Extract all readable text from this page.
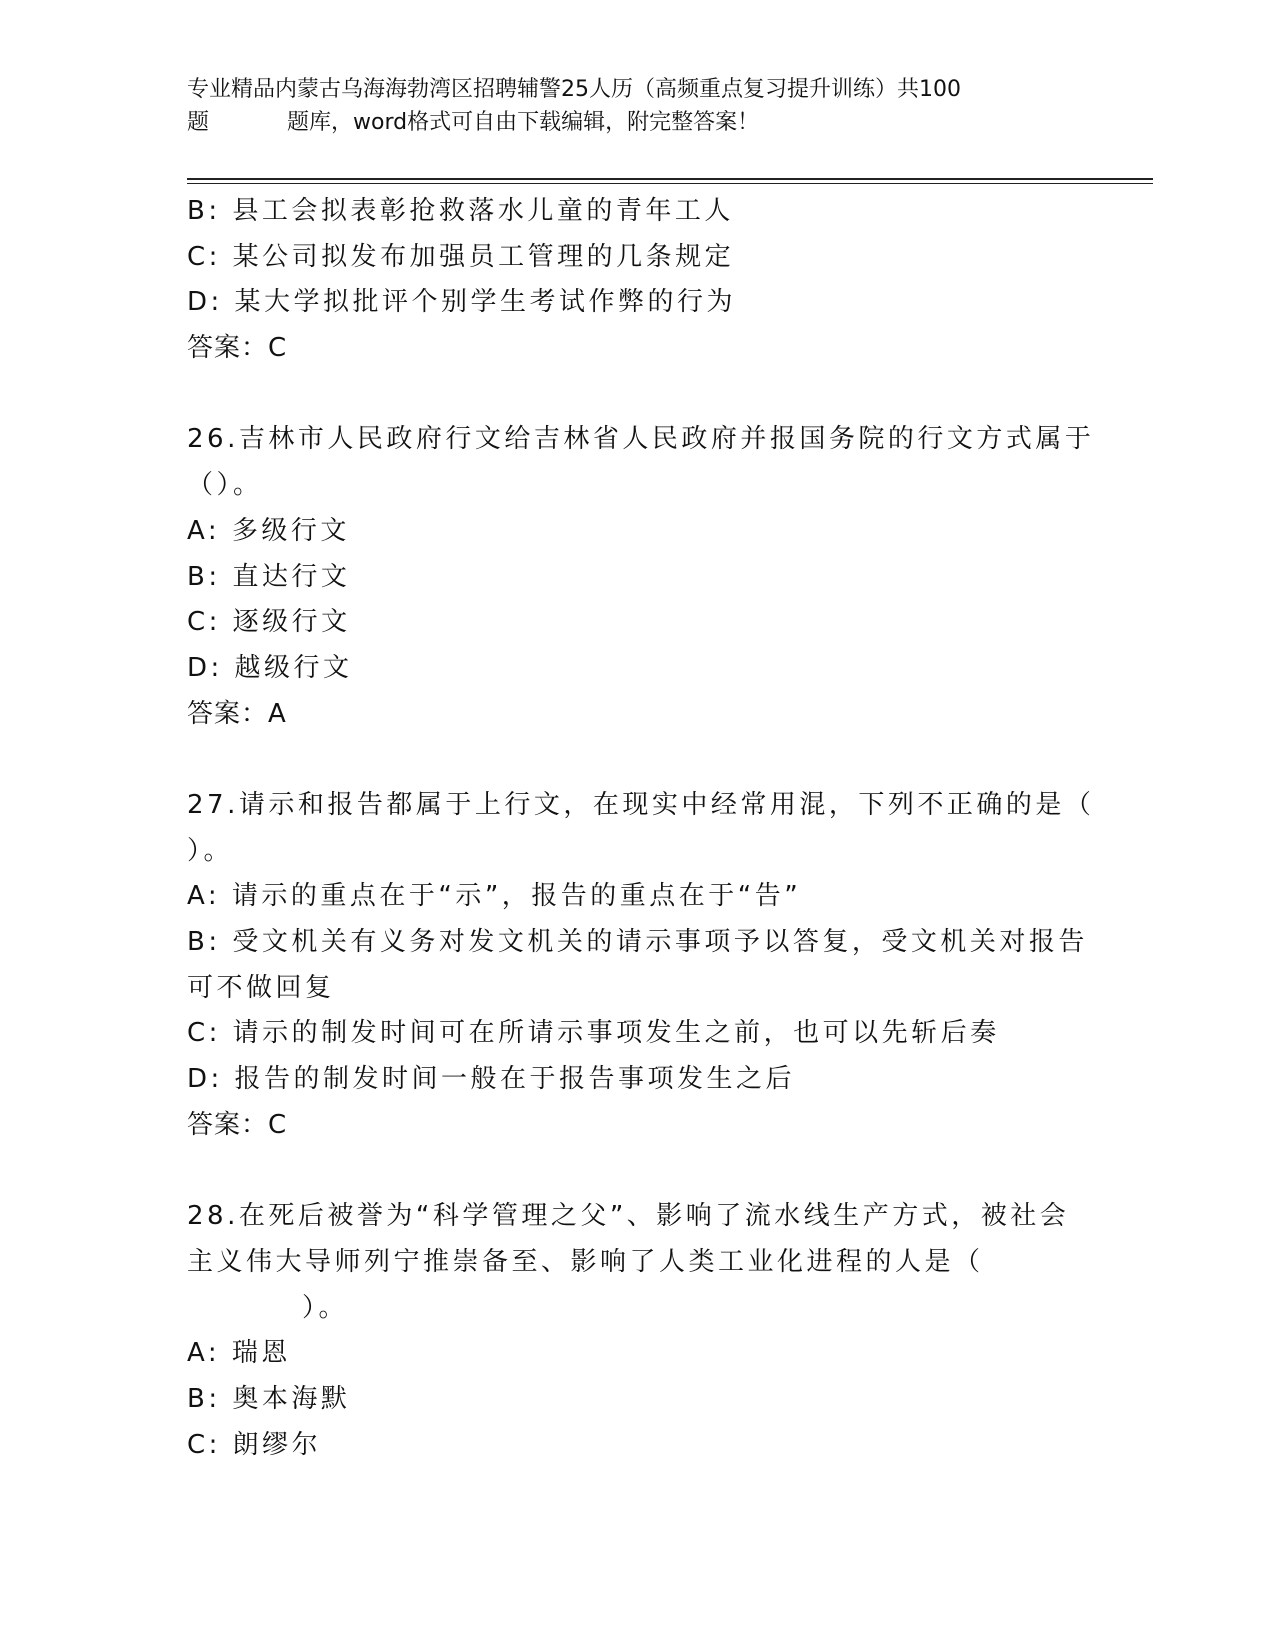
专业精品内蒙古乌海海勃湾区招聘辅警25人历（高频重点复习提升训练）共100
题	题库，word格式可自由下载编辑，附完整答案！
B: 县工会拟表彰抢救落水儿童的青年工人
C: 某公司拟发布加强员工管理的几条规定
D: 某大学拟批评个别学生考试作弊的行为
答案：C
26.吉林市人民政府行文给吉林省人民政府并报国务院的行文方式属于
（）。
A: 多级行文
B: 直达行文
C: 逐级行文
D: 越级行文
答案：A
27.请示和报告都属于上行文，在现实中经常用混，下列不正确的是（
）。
A: 请示的重点在于“示”，报告的重点在于“告”
B: 受文机关有义务对发文机关的请示事项予以答复，受文机关对报告
可不做回复
C: 请示的制发时间可在所请示事项发生之前，也可以先斩后奏
D: 报告的制发时间一般在于报告事项发生之后
答案：C
28.在死后被誉为“科学管理之父”、影响了流水线生产方式，被社会
主义伟大导师列宁推崇备至、影响了人类工业化进程的人是（
）。
A: 瑞恩
B: 奥本海默
C: 朗缪尔
